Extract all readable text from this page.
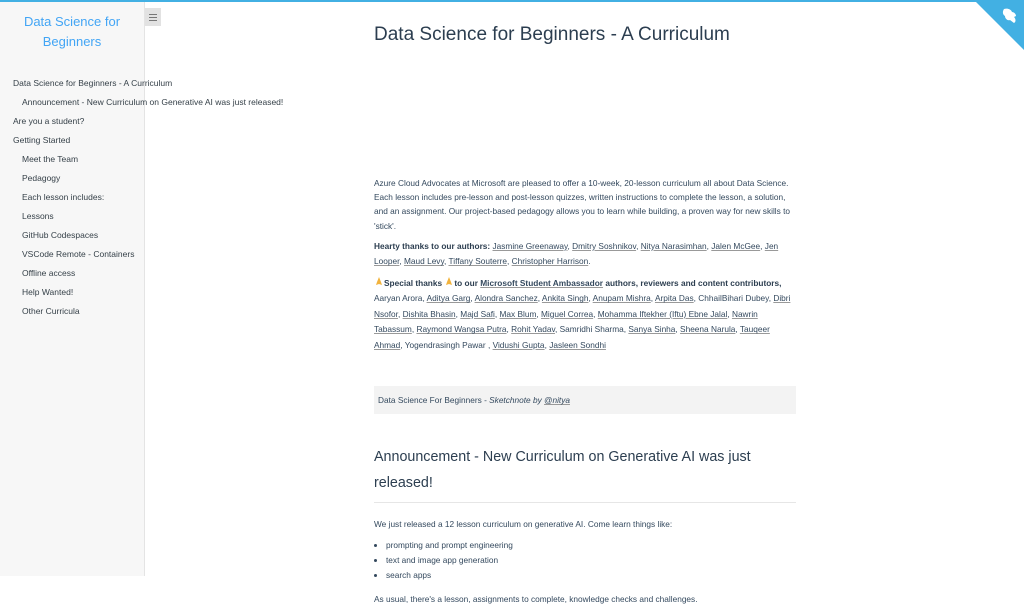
Data Science for Beginners
Data Science for Beginners - A Curriculum
Announcement - New Curriculum on Generative AI was just released!
Are you a student?
Getting Started
Meet the Team
Pedagogy
Each lesson includes:
Lessons
GitHub Codespaces
VSCode Remote - Containers
Offline access
Help Wanted!
Other Curricula
Data Science for Beginners - A Curriculum

Azure Cloud Advocates at Microsoft are pleased to offer a 10-week, 20-lesson curriculum all about Data Science. Each lesson includes pre-lesson and post-lesson quizzes, written instructions to complete the lesson, a solution, and an assignment. Our project-based pedagogy allows you to learn while building, a proven way for new skills to 'stick'.

Hearty thanks to our authors: Jasmine Greenaway, Dmitry Soshnikov, Nitya Narasimhan, Jalen McGee, Jen Looper, Maud Levy, Tiffany Souterre, Christopher Harrison.

Special thanks to our Microsoft Student Ambassador authors, reviewers and content contributors, Aaryan Arora, Aditya Garg, Alondra Sanchez, Ankita Singh, Anupam Mishra, Arpita Das, ChhailBihari Dubey, Dibri Nsofor, Dishita Bhasin, Majd Safi, Max Blum, Miguel Correa, Mohamma Iftekher (Iftu) Ebne Jalal, Nawrin Tabassum, Raymond Wangsa Putra, Rohit Yadav, Samridhi Sharma, Sanya Sinha, Sheena Narula, Tauqeer Ahmad, Yogendrasingh Pawar , Vidushi Gupta, Jasleen Sondhi

Data Science For Beginners - Sketchnote by @nitya
Announcement - New Curriculum on Generative AI was just released!

We just released a 12 lesson curriculum on generative AI. Come learn things like:

• prompting and prompt engineering
• text and image app generation
• search apps

As usual, there's a lesson, assignments to complete, knowledge checks and challenges.
